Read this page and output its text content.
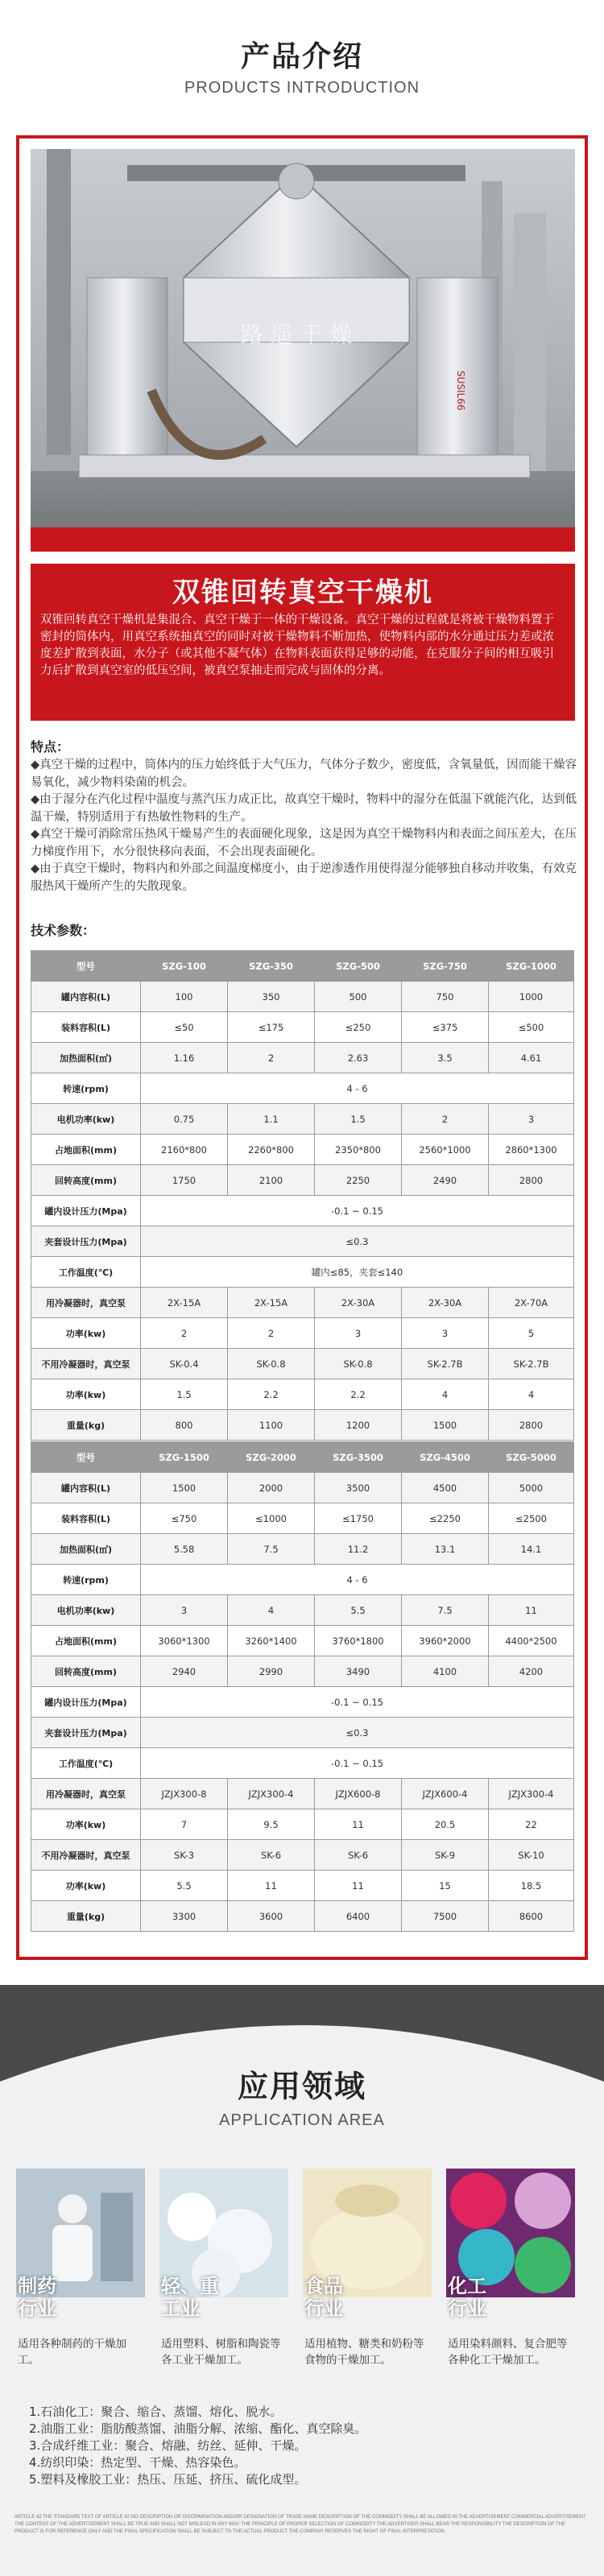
产品介绍
PRODUCTS INTRODUCTION
路 遥 干 燥
SUSIL66
双锥回转真空干燥机
双锥回转真空干燥机是集混合、真空干燥于一体的干燥设备。真空干燥的过程就是将被干燥物料置于密封的筒体内，用真空系统抽真空的同时对被干燥物料不断加热，使物料内部的水分通过压力差或浓度差扩散到表面，水分子（或其他不凝气体）在物料表面获得足够的动能，在克服分子间的相互吸引力后扩散到真空室的低压空间，被真空泵抽走而完成与固体的分离。
特点：
◆真空干燥的过程中，筒体内的压力始终低于大气压力，气体分子数少，密度低，含氧量低，因而能干燥容易氧化，减少物料染菌的机会。
◆由于湿分在汽化过程中温度与蒸汽压力成正比，故真空干燥时，物料中的湿分在低温下就能汽化，达到低温干燥，特别适用于有热敏性物料的生产。
◆真空干燥可消除常压热风干燥易产生的表面硬化现象，这是因为真空干燥物料内和表面之间压差大，在压力梯度作用下，水分很快移向表面，不会出现表面硬化。
◆由于真空干燥时，物料内和外部之间温度梯度小，由于逆渗透作用使得湿分能够独自移动并收集，有效克服热风干燥所产生的失散现象。
技术参数：
型号	SZG-100	SZG-350	SZG-500	SZG-750	SZG-1000
罐内容积(L)	100	350	500	750	1000
装料容积(L)	≤50	≤175	≤250	≤375	≤500
加热面积(㎡)	1.16	2	2.63	3.5	4.61
转速(rpm)	4 - 6				
电机功率(kw)	0.75	1.1	1.5	2	3
占地面积(mm)	2160*800	2260*800	2350*800	2560*1000	2860*1300
回转高度(mm)	1750	2100	2250	2490	2800
罐内设计压力(Mpa)	-0.1 ~ 0.15				
夹套设计压力(Mpa)	≤0.3				
工作温度(℃)	罐内≤85，夹套≤140				
用冷凝器时，真空泵	2X-15A	2X-15A	2X-30A	2X-30A	2X-70A
功率(kw)	2	2	3	3	5
不用冷凝器时，真空泵	SK-0.4	SK-0.8	SK-0.8	SK-2.7B	SK-2.7B
功率(kw)	1.5	2.2	2.2	4	4
重量(kg)	800	1100	1200	1500	2800
型号	SZG-1500	SZG-2000	SZG-3500	SZG-4500	SZG-5000
罐内容积(L)	1500	2000	3500	4500	5000
装料容积(L)	≤750	≤1000	≤1750	≤2250	≤2500
加热面积(㎡)	5.58	7.5	11.2	13.1	14.1
转速(rpm)	4 - 6				
电机功率(kw)	3	4	5.5	7.5	11
占地面积(mm)	3060*1300	3260*1400	3760*1800	3960*2000	4400*2500
回转高度(mm)	2940	2990	3490	4100	4200
罐内设计压力(Mpa)	-0.1 ~ 0.15				
夹套设计压力(Mpa)	≤0.3				
工作温度(℃)	-0.1 ~ 0.15				
用冷凝器时，真空泵	JZJX300-8	JZJX300-4	JZJX600-8	JZJX600-4	JZJX300-4
功率(kw)	7	9.5	11	20.5	22
不用冷凝器时，真空泵	SK-3	SK-6	SK-6	SK-9	SK-10
功率(kw)	5.5	11	11	15	18.5
重量(kg)	3300	3600	6400	7500	8600
应用领域
APPLICATION AREA
制药
行业
适用各种制药的干燥加工。
轻、重
工业
适用塑料、树脂和陶瓷等各工业干燥加工。
食品
行业
适用植物、糖类和奶粉等食物的干燥加工。
化工
行业
适用染料颜料、复合肥等各种化工干燥加工。
1.石油化工：聚合、缩合、蒸馏、熔化、脱水。
2.油脂工业：脂肪酸蒸馏、油脂分解、浓缩、酯化、真空除臭。
3.合成纤维工业：聚合、熔融、纺丝、延伸、干燥。
4.纺织印染：热定型、干燥、热容染色。
5.塑料及橡胶工业：热压、压延、挤压、硫化成型。
ARTICLE 42 THE STANDARD TEXT OF ARTICLE 42 NO DESCRIPTION OR DISCRIMINATION AND/OR DESIGNATION OF TRADE NAME DESCRIPTION OF THE COMMODITY SHALL BE ALLOWED IN THE ADVERTISEMENT COMMERCIAL ADVERTISEMENT THE CONTENT OF THE ADVERTISEMENT SHALL BE TRUE AND SHALL NOT MISLEAD IN ANY WAY. THE PRINCIPLE OF PROPER SELECTION OF COMMODITY THE ADVERTISER SHALL BEAR THE RESPONSIBILITY THE DESCRIPTION OF THE PRODUCT IS FOR REFERENCE ONLY AND THE FINAL SPECIFICATION SHALL BE SUBJECT TO THE ACTUAL PRODUCT THE COMPANY RESERVES THE RIGHT OF FINAL INTERPRETATION.
